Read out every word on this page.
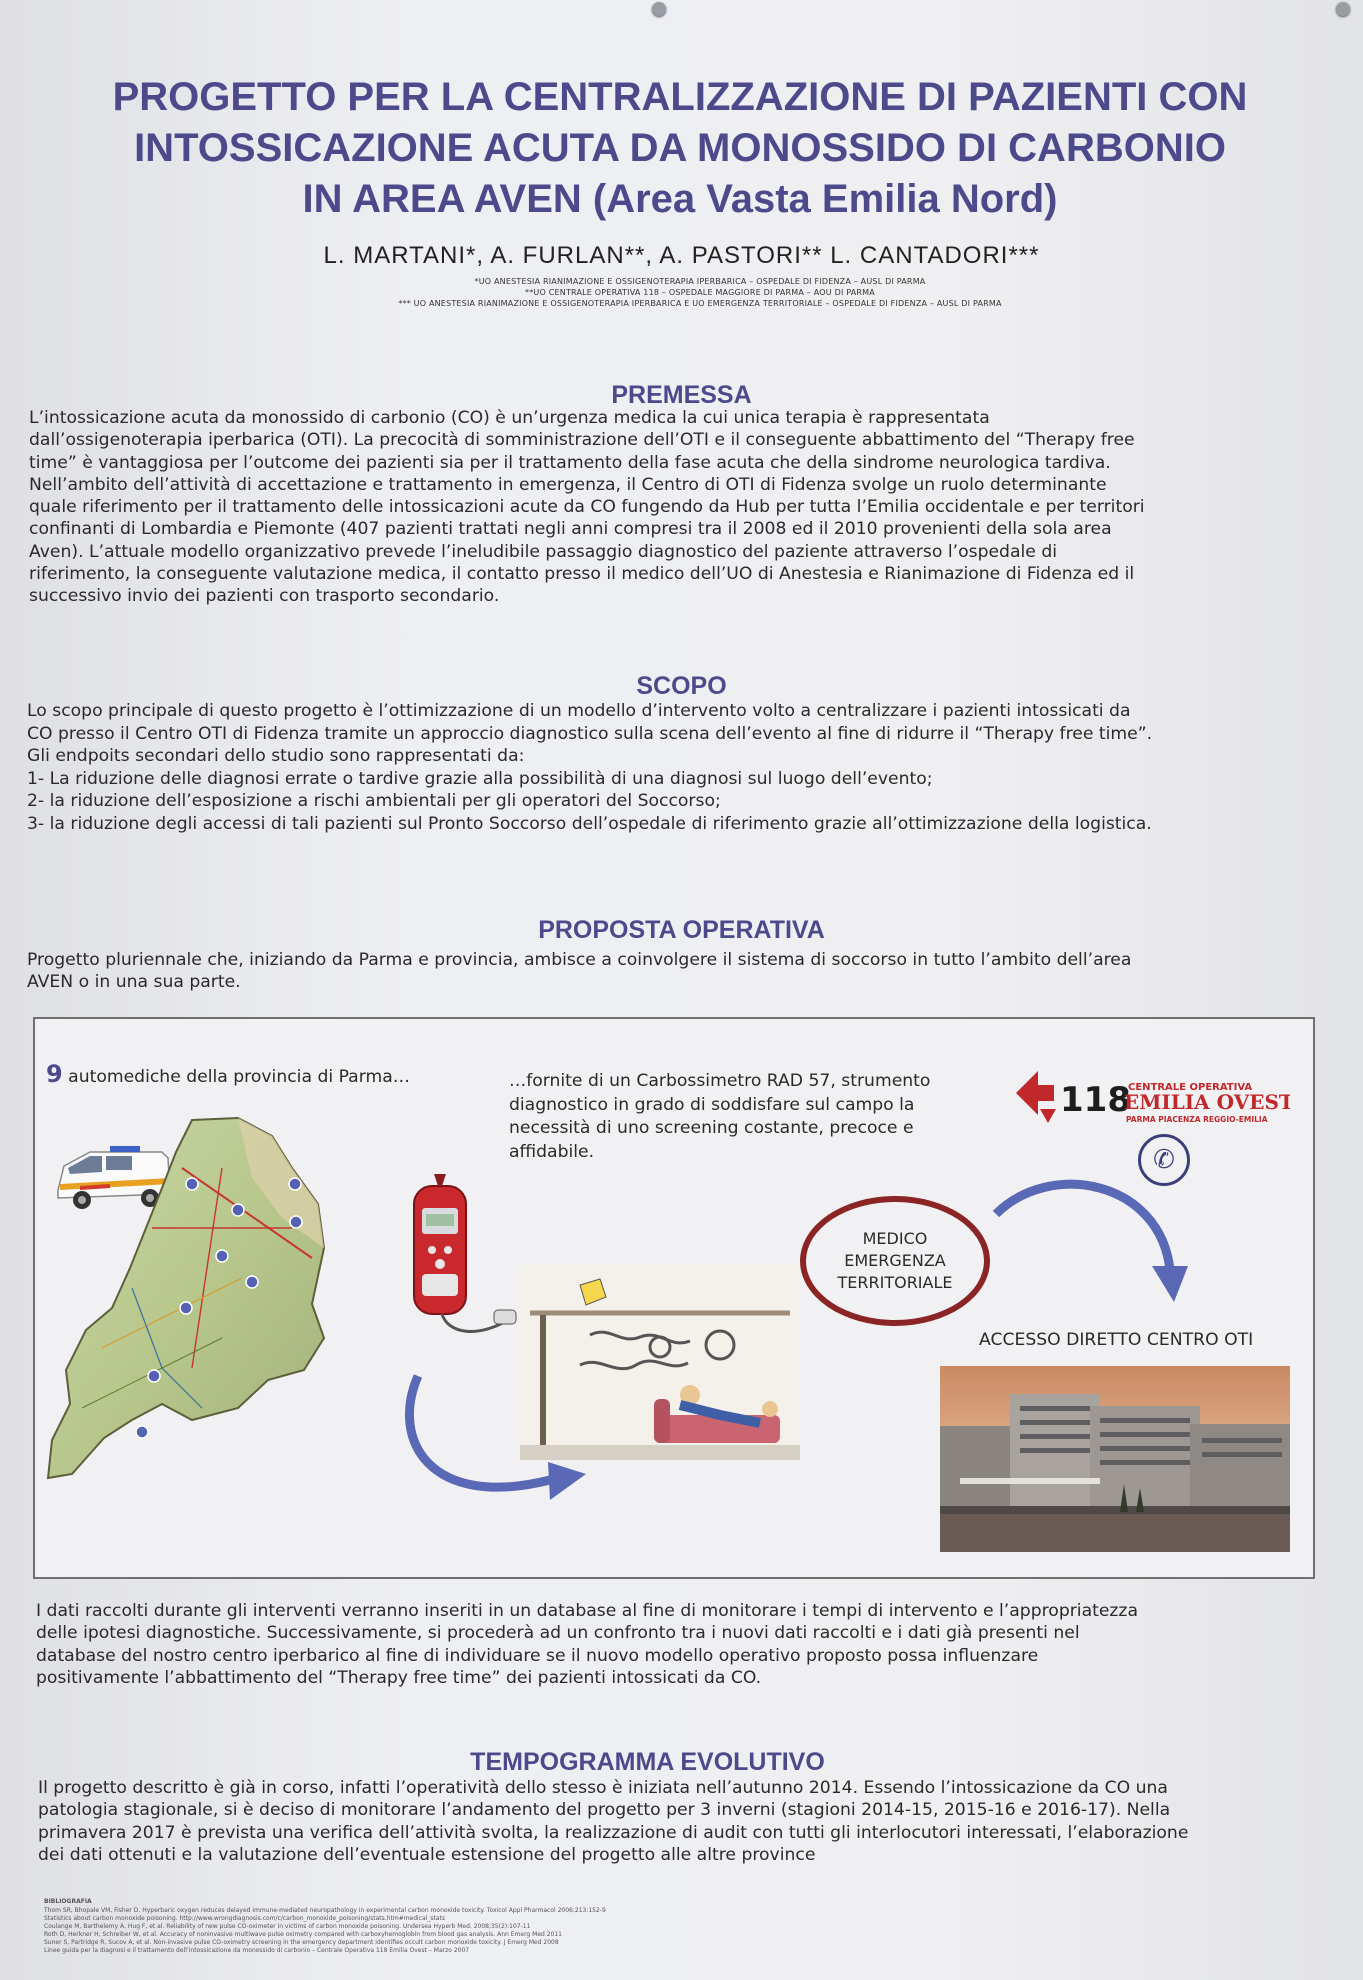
PROGETTO PER LA CENTRALIZZAZIONE DI PAZIENTI CON
INTOSSICAZIONE ACUTA DA MONOSSIDO DI CARBONIO
IN AREA AVEN (Area Vasta Emilia Nord)
L. MARTANI*, A. FURLAN**, A. PASTORI** L. CANTADORI***
*UO ANESTESIA RIANIMAZIONE E OSSIGENOTERAPIA IPERBARICA – OSPEDALE DI FIDENZA – AUSL DI PARMA
**UO CENTRALE OPERATIVA 118 – OSPEDALE MAGGIORE DI PARMA – AOU DI PARMA
*** UO ANESTESIA RIANIMAZIONE E OSSIGENOTERAPIA IPERBARICA E UO EMERGENZA TERRITORIALE – OSPEDALE DI FIDENZA – AUSL DI PARMA
PREMESSA
L’intossicazione acuta da monossido di carbonio (CO) è un’urgenza medica la cui unica terapia è rappresentata
dall’ossigenoterapia iperbarica (OTI). La precocità di somministrazione dell’OTI e il conseguente abbattimento del “Therapy free
time” è vantaggiosa per l’outcome dei pazienti sia per il trattamento della fase acuta che della sindrome neurologica tardiva.
Nell’ambito dell’attività di accettazione e trattamento in emergenza, il Centro di OTI di Fidenza svolge un ruolo determinante
quale riferimento per il trattamento delle intossicazioni acute da CO fungendo da Hub per tutta l’Emilia occidentale e per territori
confinanti di Lombardia e Piemonte (407 pazienti trattati negli anni compresi tra il 2008 ed il 2010 provenienti della sola area
Aven). L’attuale modello organizzativo prevede l’ineludibile passaggio diagnostico del paziente attraverso l’ospedale di
riferimento, la conseguente valutazione medica, il contatto presso il medico dell’UO di Anestesia e Rianimazione di Fidenza ed il
successivo invio dei pazienti con trasporto secondario.
SCOPO
Lo scopo principale di questo progetto è l’ottimizzazione di un modello d’intervento volto a centralizzare i pazienti intossicati da
CO presso il Centro OTI di Fidenza tramite un approccio diagnostico sulla scena dell’evento al fine di ridurre il “Therapy free time”.
Gli endpoits secondari dello studio sono rappresentati da:
1- La riduzione delle diagnosi errate o tardive grazie alla possibilità di una diagnosi sul luogo dell’evento;
2- la riduzione dell’esposizione a rischi ambientali per gli operatori del Soccorso;
3- la riduzione degli accessi di tali pazienti sul Pronto Soccorso dell’ospedale di riferimento grazie all’ottimizzazione della logistica.
PROPOSTA OPERATIVA
Progetto pluriennale che, iniziando da Parma e provincia, ambisce a coinvolgere il sistema di soccorso in tutto l’ambito dell’area
AVEN o in una sua parte.
9 automediche della provincia di Parma…	…fornite di un Carbossimetro RAD 57, strumento
diagnostico in grado di soddisfare sul campo la
necessità di uno screening costante, precoce e
affidabile.
118
CENTRALE OPERATIVA
EMILIA OVEST
PARMA PIACENZA REGGIO-EMILIA
✆
MEDICO
EMERGENZA
TERRITORIALE
ACCESSO DIRETTO CENTRO OTI
I dati raccolti durante gli interventi verranno inseriti in un database al fine di monitorare i tempi di intervento e l’appropriatezza
delle ipotesi diagnostiche. Successivamente, si procederà ad un confronto tra i nuovi dati raccolti e i dati già presenti nel
database del nostro centro iperbarico al fine di individuare se il nuovo modello operativo proposto possa influenzare
positivamente l’abbattimento del “Therapy free time” dei pazienti intossicati da CO.
TEMPOGRAMMA EVOLUTIVO
Il progetto descritto è già in corso, infatti l’operatività dello stesso è iniziata nell’autunno 2014. Essendo l’intossicazione da CO una
patologia stagionale, si è deciso di monitorare l’andamento del progetto per 3 inverni (stagioni 2014-15, 2015-16 e 2016-17). Nella
primavera 2017 è prevista una verifica dell’attività svolta, la realizzazione di audit con tutti gli interlocutori interessati, l’elaborazione
dei dati ottenuti e la valutazione dell’eventuale estensione del progetto alle altre province
BIBLIOGRAFIA
Thom SR, Bhopale VM, Fisher D. Hyperbaric oxygen reduces delayed immune-mediated neuropathology in experimental carbon monoxide toxicity. Toxicol Appl Pharmacol 2006;213:152-9
Statistics about carbon monoxide poisoning. http://www.wrongdiagnosis.com/c/carbon_monoxide_poisoning/stats.htm#medical_stats
Coulange M, Barthelemy A, Hug F, et al. Reliability of new pulse CO-oximeter in victims of carbon monoxide poisoning. Undersea Hyperb Med. 2008;35(2):107-11
Roth D, Herkner H, Schreiber W, et al. Accuracy of noninvasive multiwave pulse oximetry compared with carboxyhemoglobin from blood gas analysis. Ann Emerg Med 2011
Suner S, Partridge R, Sucov A, et al. Non-invasive pulse CO-oximetry screening in the emergency department identifies occult carbon monoxide toxicity. J Emerg Med 2008
Linee guida per la diagnosi e il trattamento dell’intossicazione da monossido di carbonio – Centrale Operativa 118 Emilia Ovest – Marzo 2007
